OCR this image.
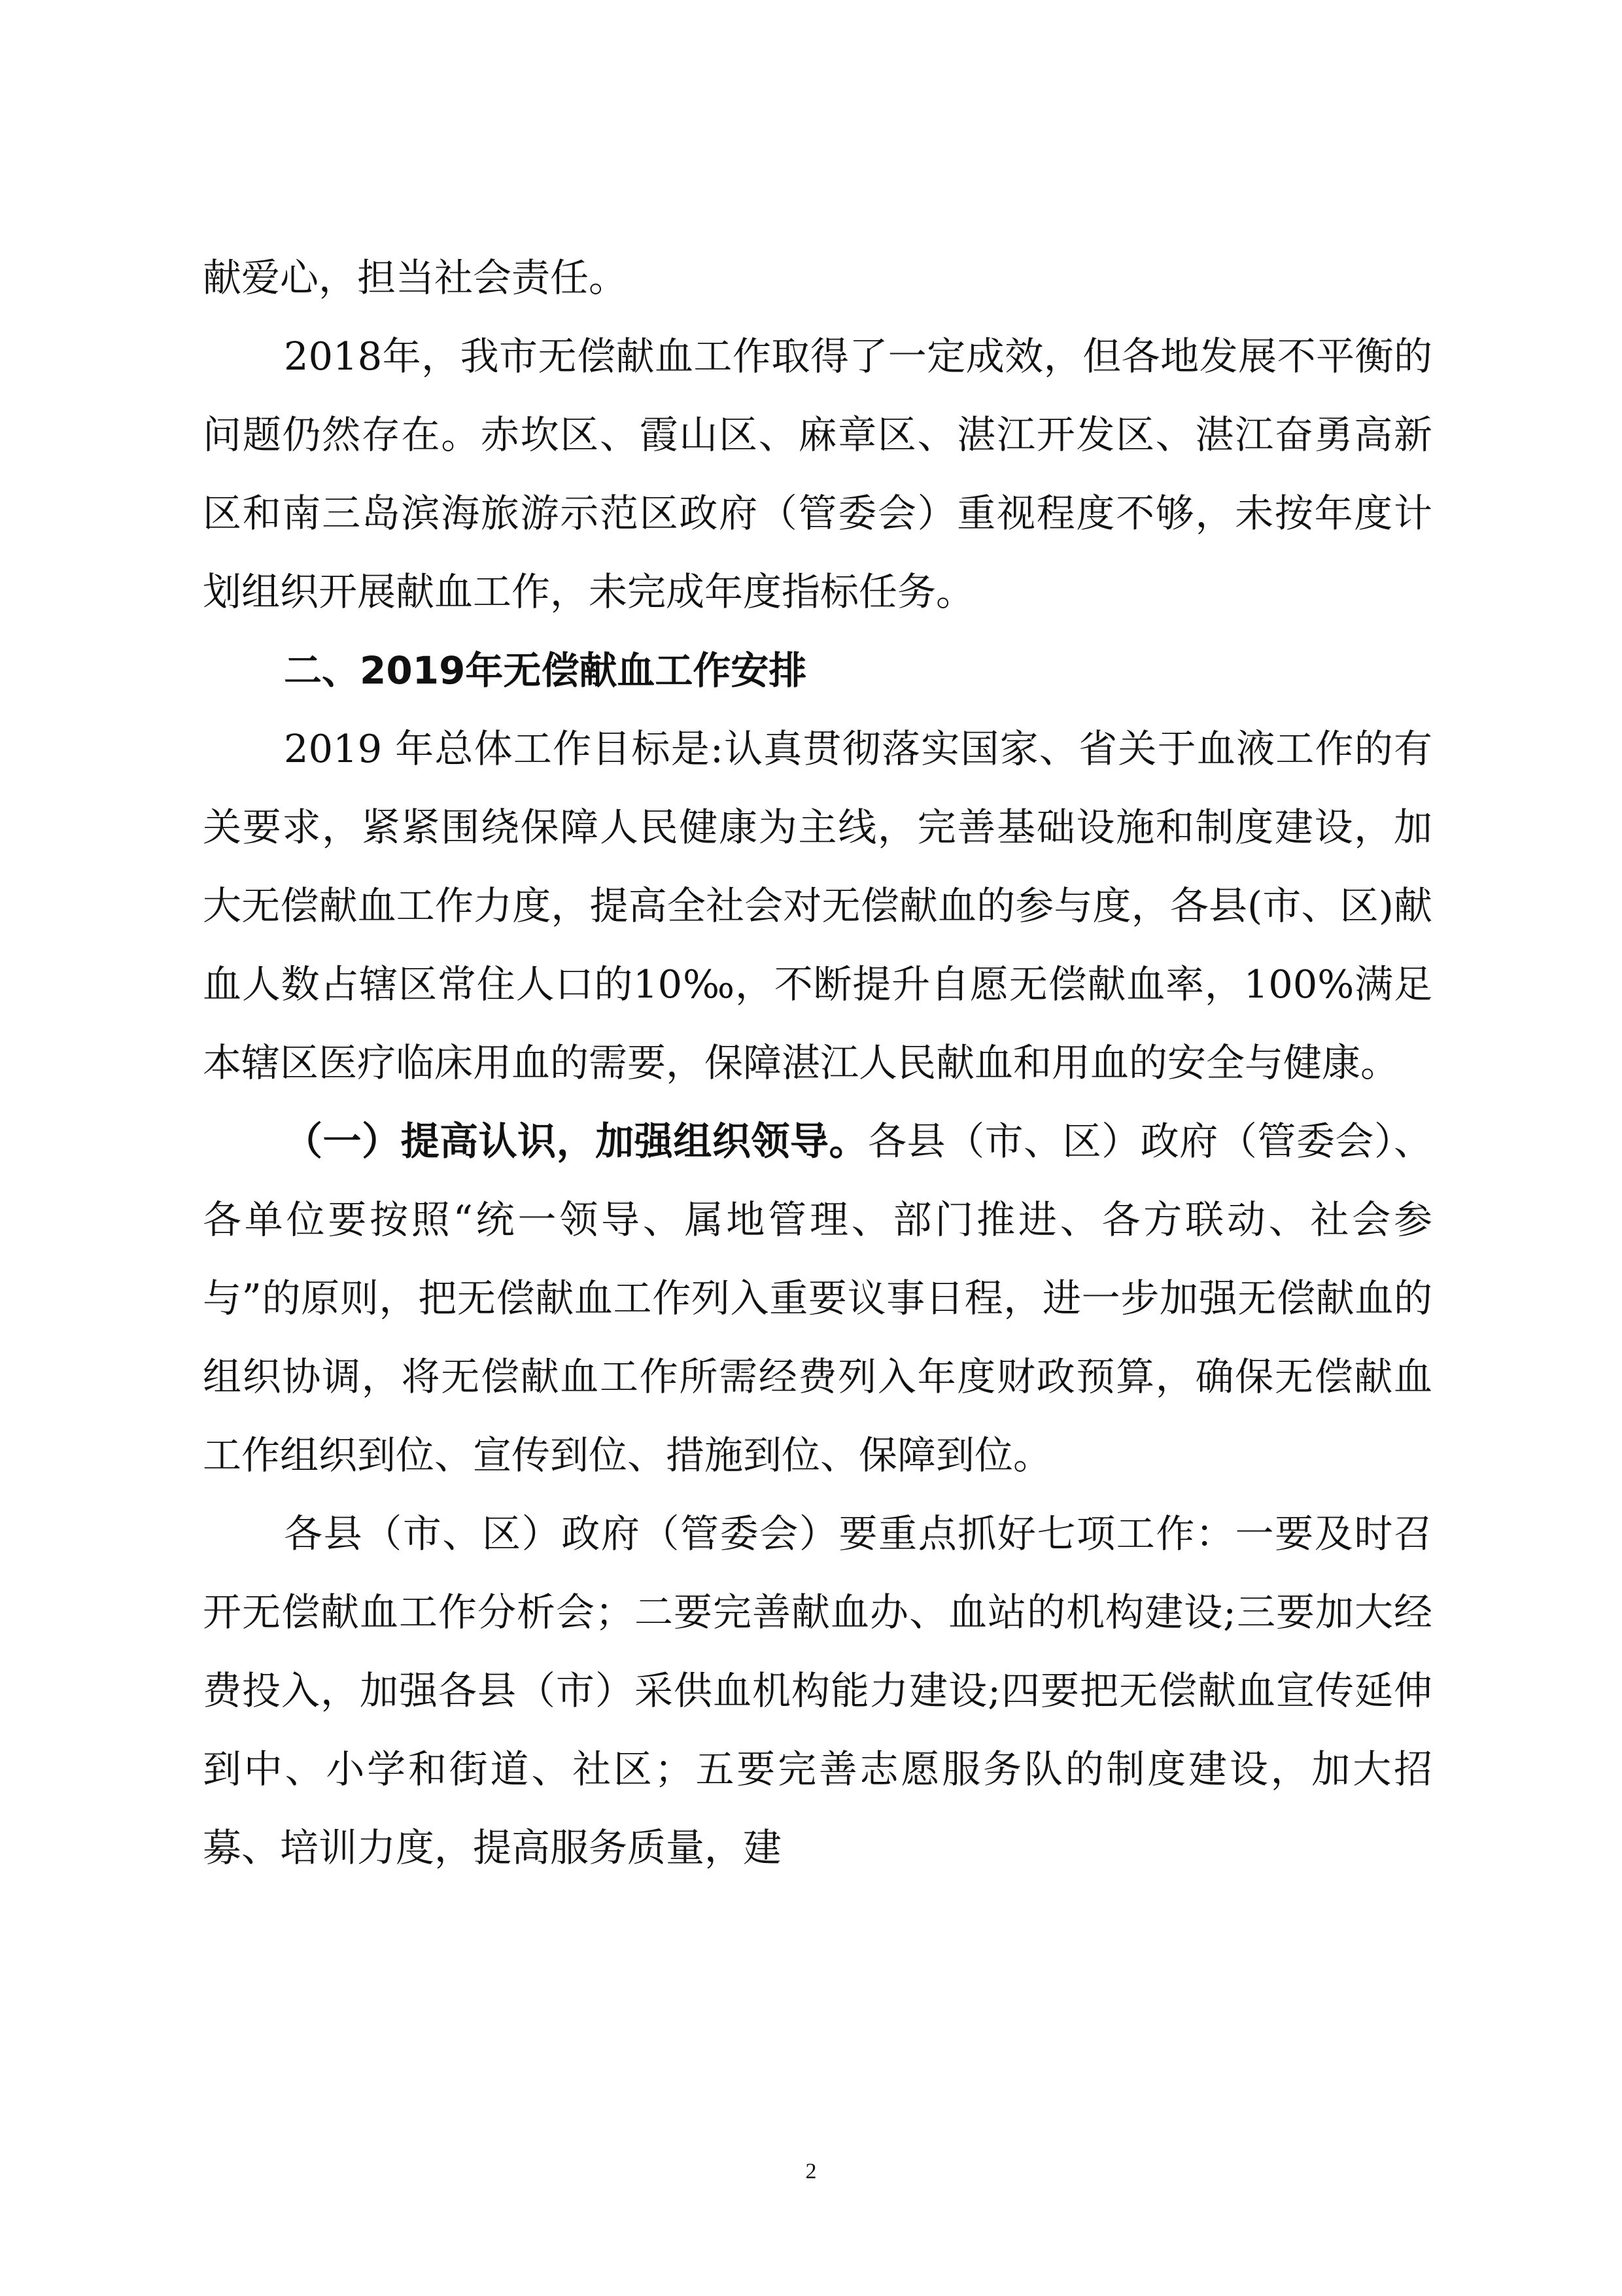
献爱心，担当社会责任。

2018年，我市无偿献血工作取得了一定成效，但各地发展不平衡的问题仍然存在。赤坎区、霞山区、麻章区、湛江开发区、湛江奋勇高新区和南三岛滨海旅游示范区政府（管委会）重视程度不够，未按年度计划组织开展献血工作，未完成年度指标任务。

二、2019年无偿献血工作安排

2019 年总体工作目标是:认真贯彻落实国家、省关于血液工作的有关要求，紧紧围绕保障人民健康为主线，完善基础设施和制度建设，加大无偿献血工作力度，提高全社会对无偿献血的参与度，各县(市、区)献血人数占辖区常住人口的10‰，不断提升自愿无偿献血率，100%满足本辖区医疗临床用血的需要，保障湛江人民献血和用血的安全与健康。

（一）提高认识，加强组织领导。各县（市、区）政府（管委会）、各单位要按照“统一领导、属地管理、部门推进、各方联动、社会参与”的原则，把无偿献血工作列入重要议事日程，进一步加强无偿献血的组织协调，将无偿献血工作所需经费列入年度财政预算，确保无偿献血工作组织到位、宣传到位、措施到位、保障到位。

各县（市、区）政府（管委会）要重点抓好七项工作：一要及时召开无偿献血工作分析会；二要完善献血办、血站的机构建设;三要加大经费投入，加强各县（市）采供血机构能力建设;四要把无偿献血宣传延伸到中、小学和街道、社区；五要完善志愿服务队的制度建设，加大招募、培训力度，提高服务质量，建

2
